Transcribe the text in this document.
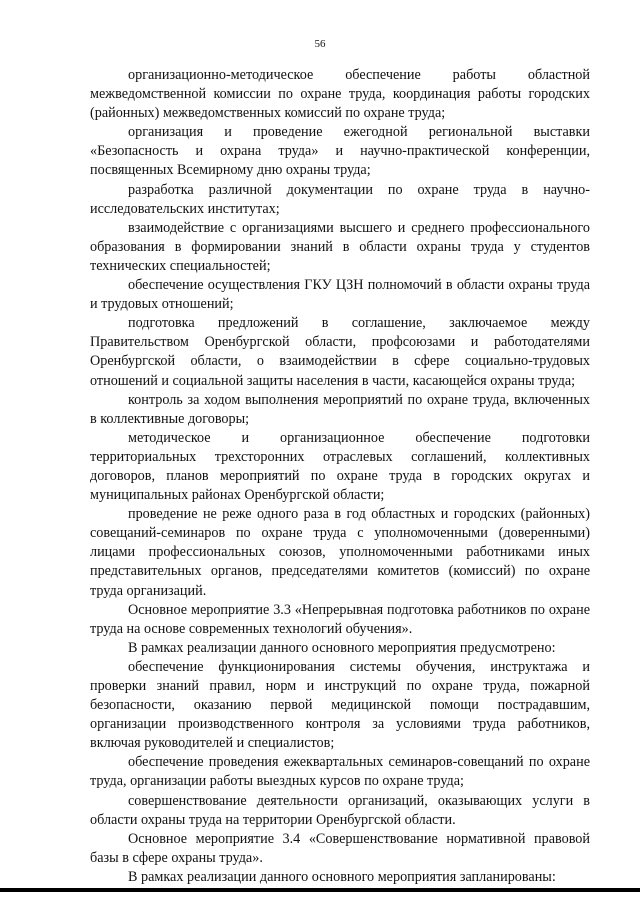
56

организационно-методическое обеспечение работы областной межведомственной комиссии по охране труда, координация работы городских (районных) межведомственных комиссий по охране труда;

организация и проведение ежегодной региональной выставки «Безопасность и охрана труда» и научно-практической конференции, посвященных Всемирному дню охраны труда;

разработка различной документации по охране труда в научно-исследовательских институтах;

взаимодействие с организациями высшего и среднего профессионального образования в формировании знаний в области охраны труда у студентов технических специальностей;

обеспечение осуществления ГКУ ЦЗН полномочий в области охраны труда и трудовых отношений;

подготовка предложений в соглашение, заключаемое между Правительством Оренбургской области, профсоюзами и работодателями Оренбургской области, о взаимодействии в сфере социально-трудовых отношений и социальной защиты населения в части, касающейся охраны труда;

контроль за ходом выполнения мероприятий по охране труда, включенных в коллективные договоры;

методическое и организационное обеспечение подготовки территориальных трехсторонних отраслевых соглашений, коллективных договоров, планов мероприятий по охране труда в городских округах и муниципальных районах Оренбургской области;

проведение не реже одного раза в год областных и городских (районных) совещаний-семинаров по охране труда с уполномоченными (доверенными) лицами профессиональных союзов, уполномоченными работниками иных представительных органов, председателями комитетов (комиссий) по охране труда организаций.

Основное мероприятие 3.3 «Непрерывная подготовка работников по охране труда на основе современных технологий обучения».

В рамках реализации данного основного мероприятия предусмотрено:

обеспечение функционирования системы обучения, инструктажа и проверки знаний правил, норм и инструкций по охране труда, пожарной безопасности, оказанию первой медицинской помощи пострадавшим, организации производственного контроля за условиями труда работников, включая руководителей и специалистов;

обеспечение проведения ежеквартальных семинаров-совещаний по охране труда, организации работы выездных курсов по охране труда;

совершенствование деятельности организаций, оказывающих услуги в области охраны труда на территории Оренбургской области.

Основное мероприятие 3.4 «Совершенствование нормативной правовой базы в сфере охраны труда».

В рамках реализации данного основного мероприятия запланированы:
